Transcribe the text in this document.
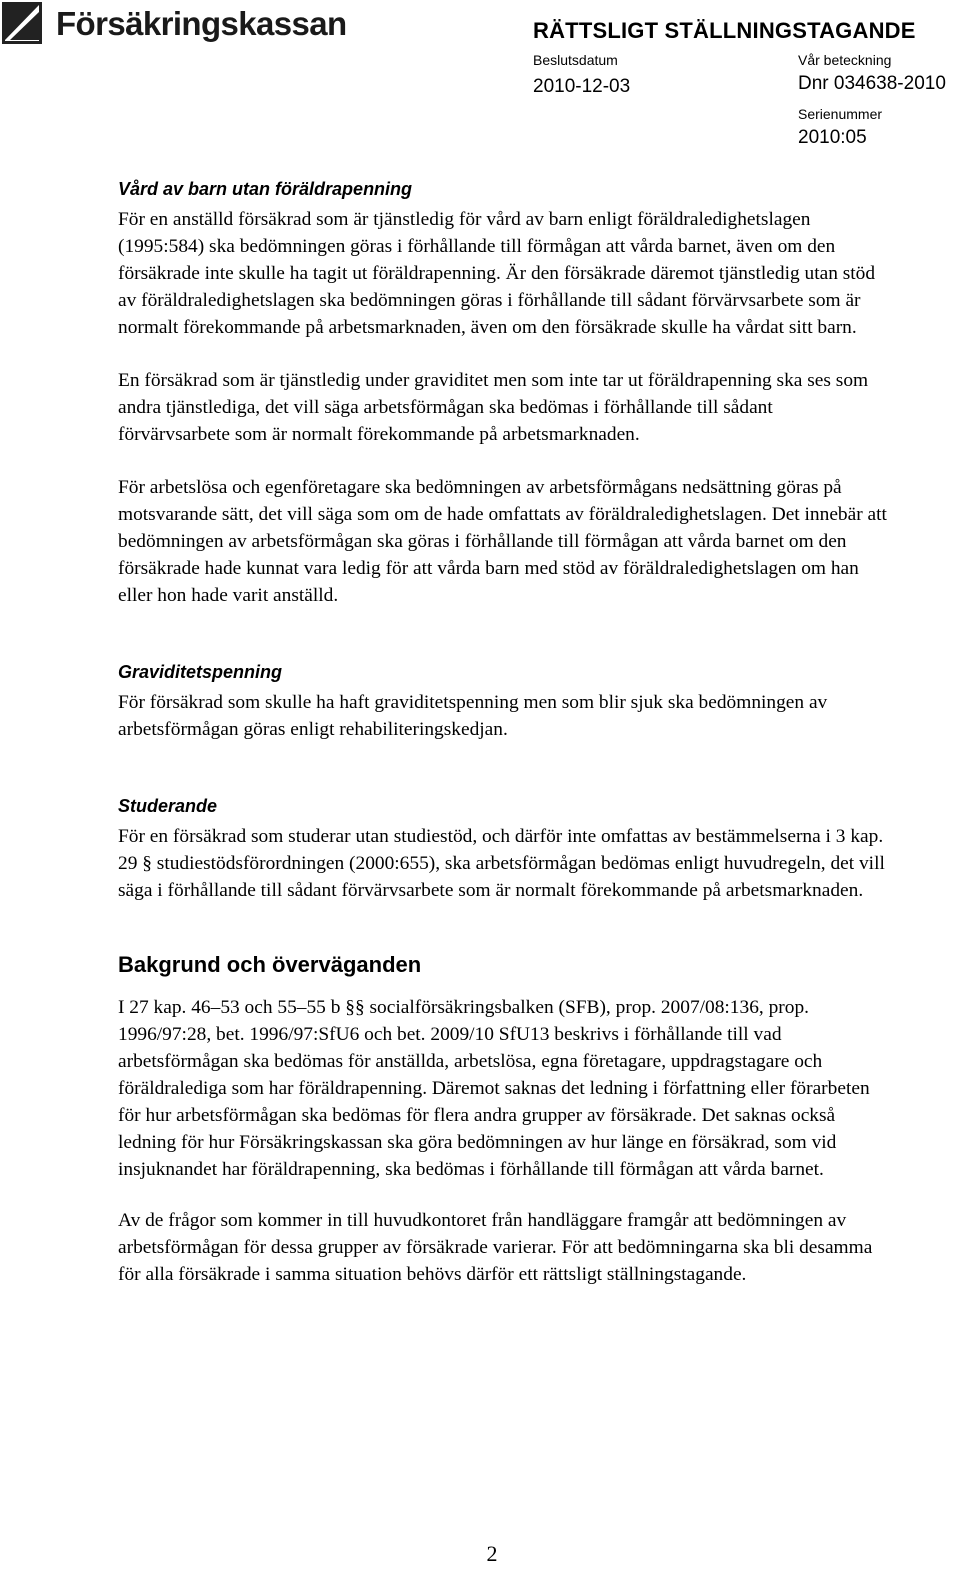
Försäkringskassan	RÄTTSLIGT STÄLLNINGSTAGANDE
Beslutsdatum
2010-12-03
Vår beteckning
Dnr 034638-2010
Serienummer
2010:05
Vård av barn utan föräldrapenning

För en anställd försäkrad som är tjänstledig för vård av barn enligt föräldraledighetslagen (1995:584) ska bedömningen göras i förhållande till förmågan att vårda barnet, även om den försäkrade inte skulle ha tagit ut föräldrapenning. Är den försäkrade däremot tjänstledig utan stöd av föräldraledighetslagen ska bedömningen göras i förhållande till sådant förvärvsarbete som är normalt förekommande på arbetsmarknaden, även om den försäkrade skulle ha vårdat sitt barn.

En försäkrad som är tjänstledig under graviditet men som inte tar ut föräldrapenning ska ses som andra tjänstlediga, det vill säga arbetsförmågan ska bedömas i förhållande till sådant förvärvsarbete som är normalt förekommande på arbetsmarknaden.

För arbetslösa och egenföretagare ska bedömningen av arbetsförmågans nedsättning göras på motsvarande sätt, det vill säga som om de hade omfattats av föräldraledighetslagen. Det innebär att bedömningen av arbetsförmågan ska göras i förhållande till förmågan att vårda barnet om den försäkrade hade kunnat vara ledig för att vårda barn med stöd av föräldraledighetslagen om han eller hon hade varit anställd.

Graviditetspenning

För försäkrad som skulle ha haft graviditetspenning men som blir sjuk ska bedömningen av arbetsförmågan göras enligt rehabiliteringskedjan.

Studerande

För en försäkrad som studerar utan studiestöd, och därför inte omfattas av bestämmelserna i 3 kap. 29 § studiestödsförordningen (2000:655), ska arbetsförmågan bedömas enligt huvudregeln, det vill säga i förhållande till sådant förvärvsarbete som är normalt förekommande på arbetsmarknaden.

Bakgrund och överväganden

I 27 kap. 46–53 och 55–55 b §§ socialförsäkringsbalken (SFB), prop. 2007/08:136, prop. 1996/97:28, bet. 1996/97:SfU6 och bet. 2009/10 SfU13 beskrivs i förhållande till vad arbetsförmågan ska bedömas för anställda, arbetslösa, egna företagare, uppdragstagare och föräldralediga som har föräldrapenning. Däremot saknas det ledning i författning eller förarbeten för hur arbetsförmågan ska bedömas för flera andra grupper av försäkrade. Det saknas också ledning för hur Försäkringskassan ska göra bedömningen av hur länge en försäkrad, som vid insjuknandet har föräldrapenning, ska bedömas i förhållande till förmågan att vårda barnet.

Av de frågor som kommer in till huvudkontoret från handläggare framgår att bedömningen av arbetsförmågan för dessa grupper av försäkrade varierar. För att bedömningarna ska bli desamma för alla försäkrade i samma situation behövs därför ett rättsligt ställningstagande.

2
